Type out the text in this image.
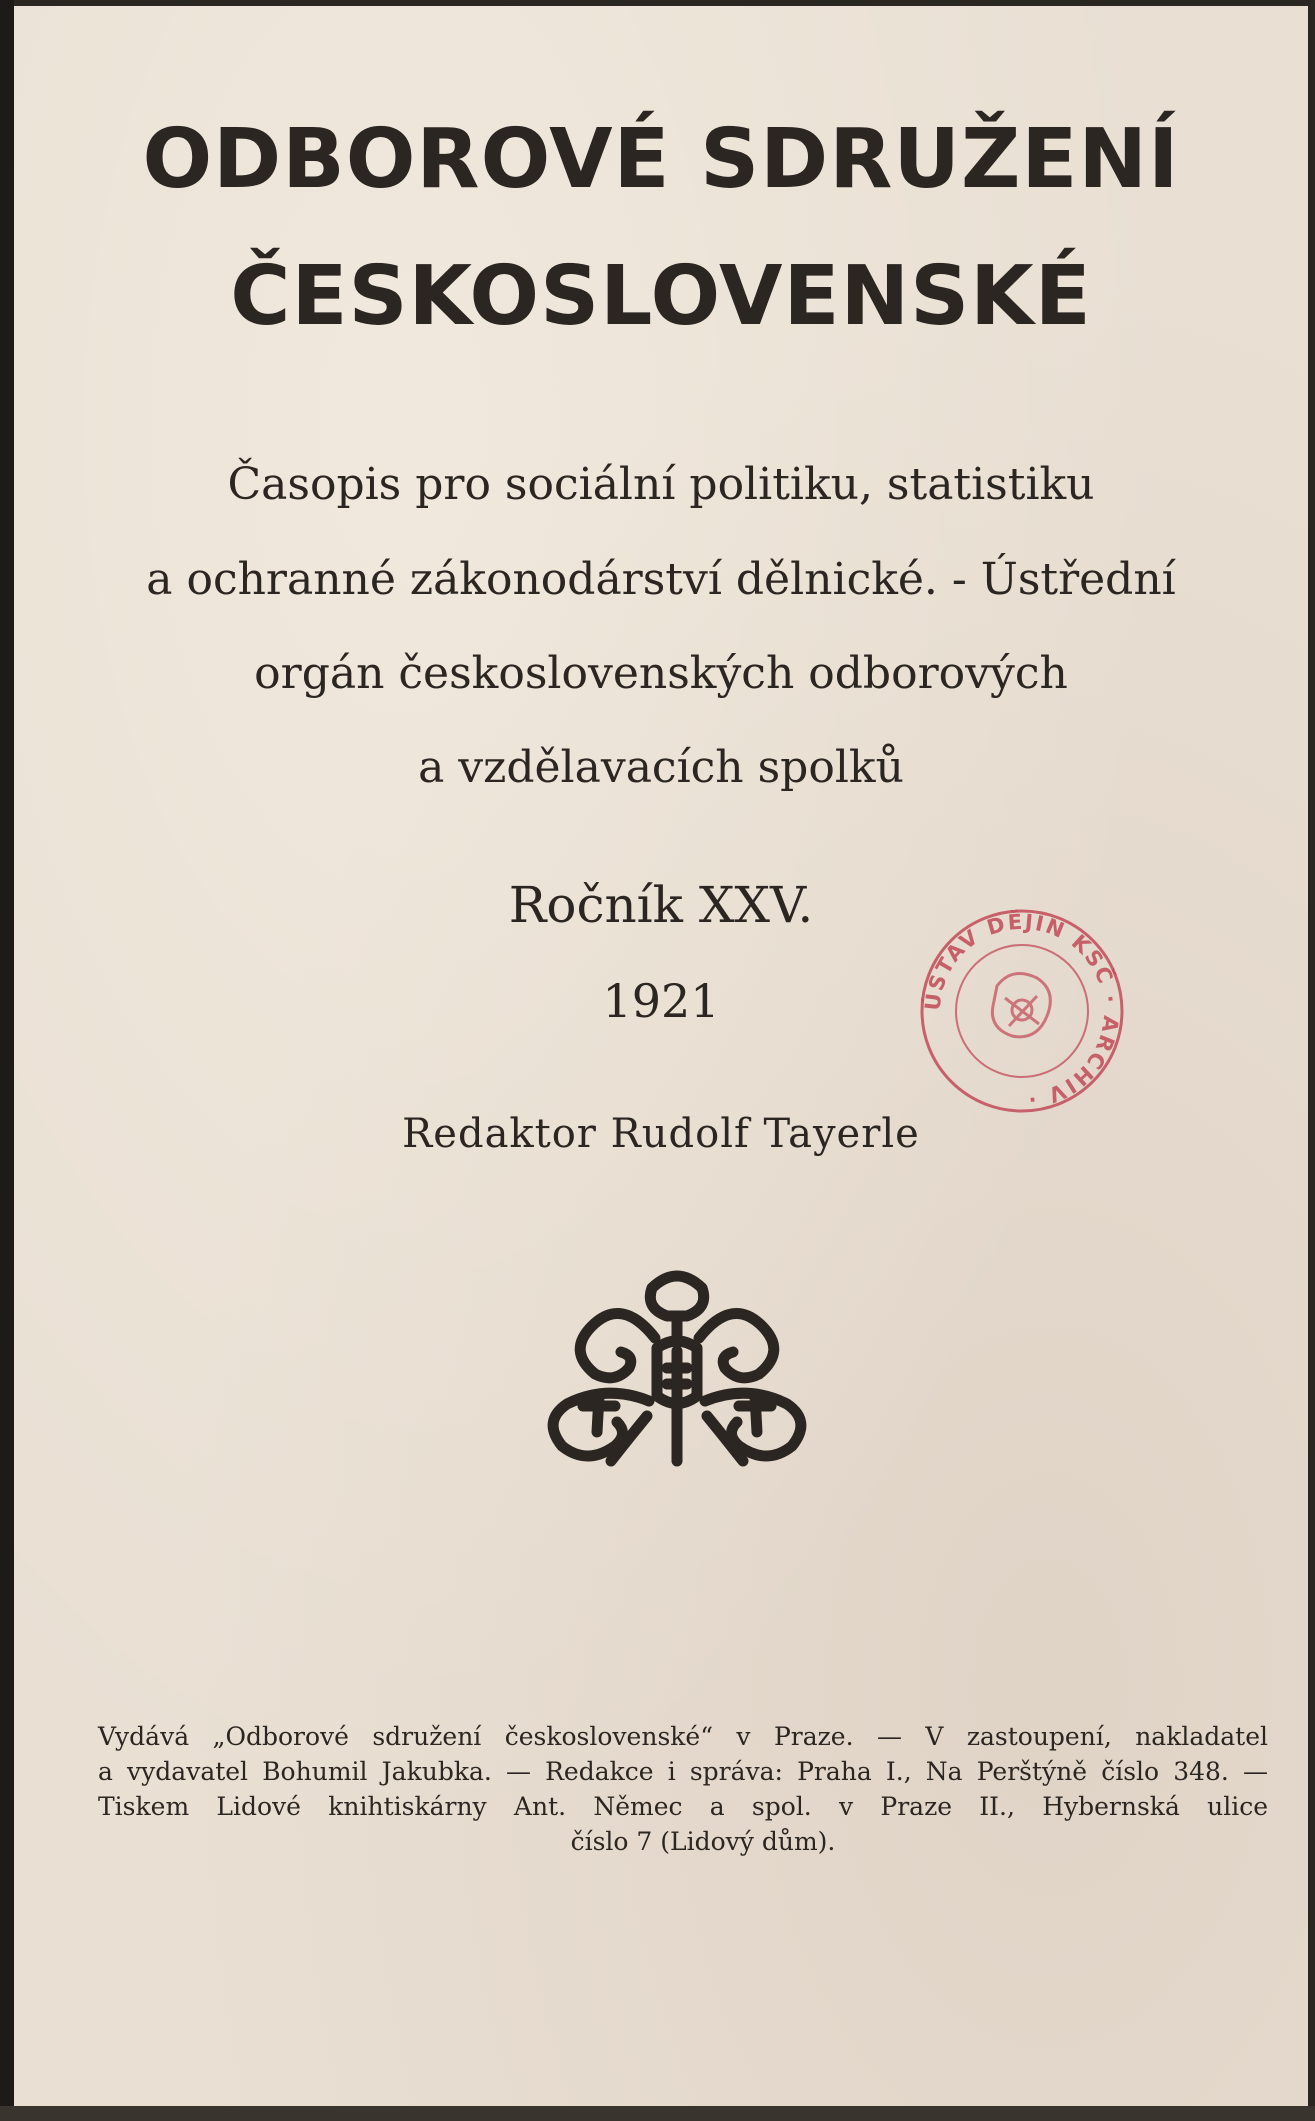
ODBOROVÉ SDRUŽENÍ
ČESKOSLOVENSKÉ
Časopis pro sociální politiku, statistiku
a ochranné zákonodárství dělnické. - Ústřední
orgán československých odborových
a vzdělavacích spolků
Ročník XXV.
1921	ÚSTAV DĚJIN KSČ · ARCHIV ·
Redaktor Rudolf Tayerle
Vydává „Odborové sdružení československé“ v Praze. — V zastoupení, nakladatel
a vydavatel Bohumil Jakubka. — Redakce i správa: Praha I., Na Perštýně číslo 348. —
Tiskem Lidové knihtiskárny Ant. Němec a spol. v Praze II., Hybernská ulice
číslo 7 (Lidový dům).
